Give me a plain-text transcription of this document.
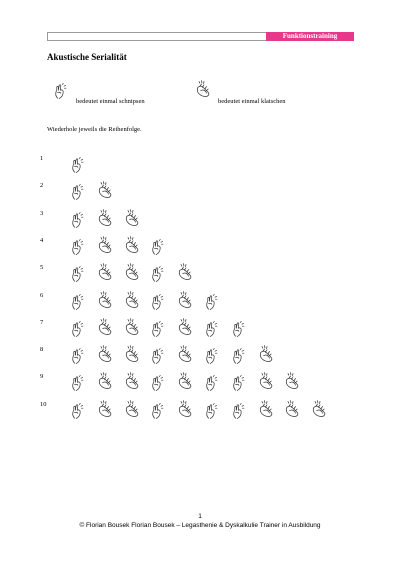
Funktionstraining
Akustische Serialität
bedeutet einmal schnipsen	bedeutet einmal klatschen
Wiederhole jeweils die Reihenfolge.
1
2
3
4
5
6
7
8
9
10
1
© Florian Bousek Florian Bousek – Legasthenie & Dyskalkulie Trainer in Ausbildung
